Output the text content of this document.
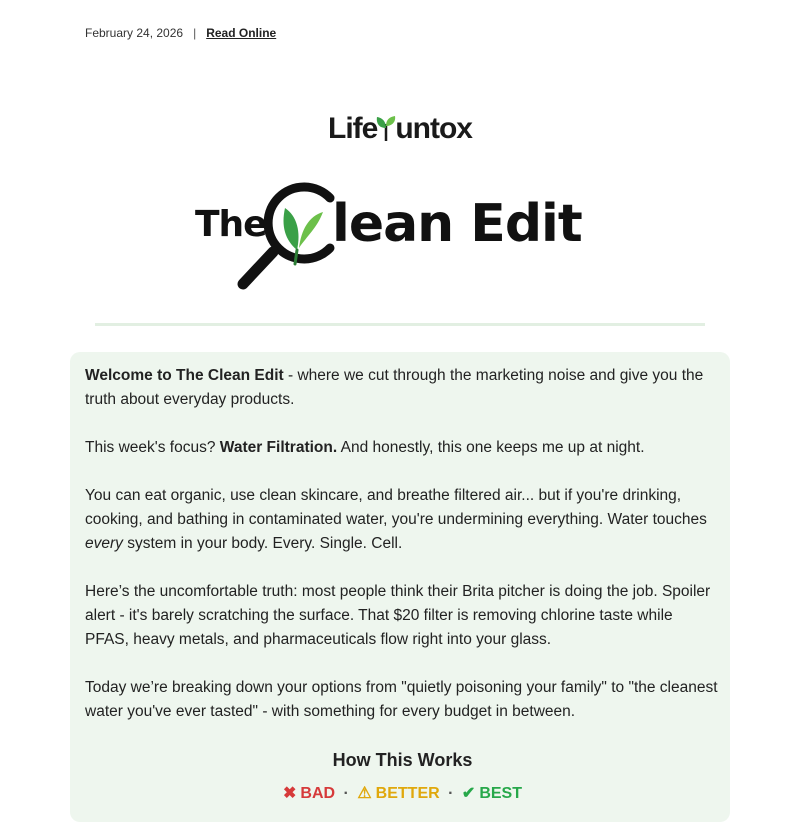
February 24, 2026 | Read Online
Life untox
The lean Edit

Welcome to The Clean Edit - where we cut through the marketing noise and give you the truth about everyday products.

This week's focus? Water Filtration. And honestly, this one keeps me up at night.

You can eat organic, use clean skincare, and breathe filtered air... but if you're drinking, cooking, and bathing in contaminated water, you're undermining everything. Water touches every system in your body. Every. Single. Cell.

Here’s the uncomfortable truth: most people think their Brita pitcher is doing the job. Spoiler alert - it's barely scratching the surface. That $20 filter is removing chlorine taste while PFAS, heavy metals, and pharmaceuticals flow right into your glass.

Today we’re breaking down your options from "quietly poisoning your family" to "the cleanest water you've ever tasted" - with something for every budget in between.

How This Works
✖ BAD · ⚠ BETTER · ✔ BEST
